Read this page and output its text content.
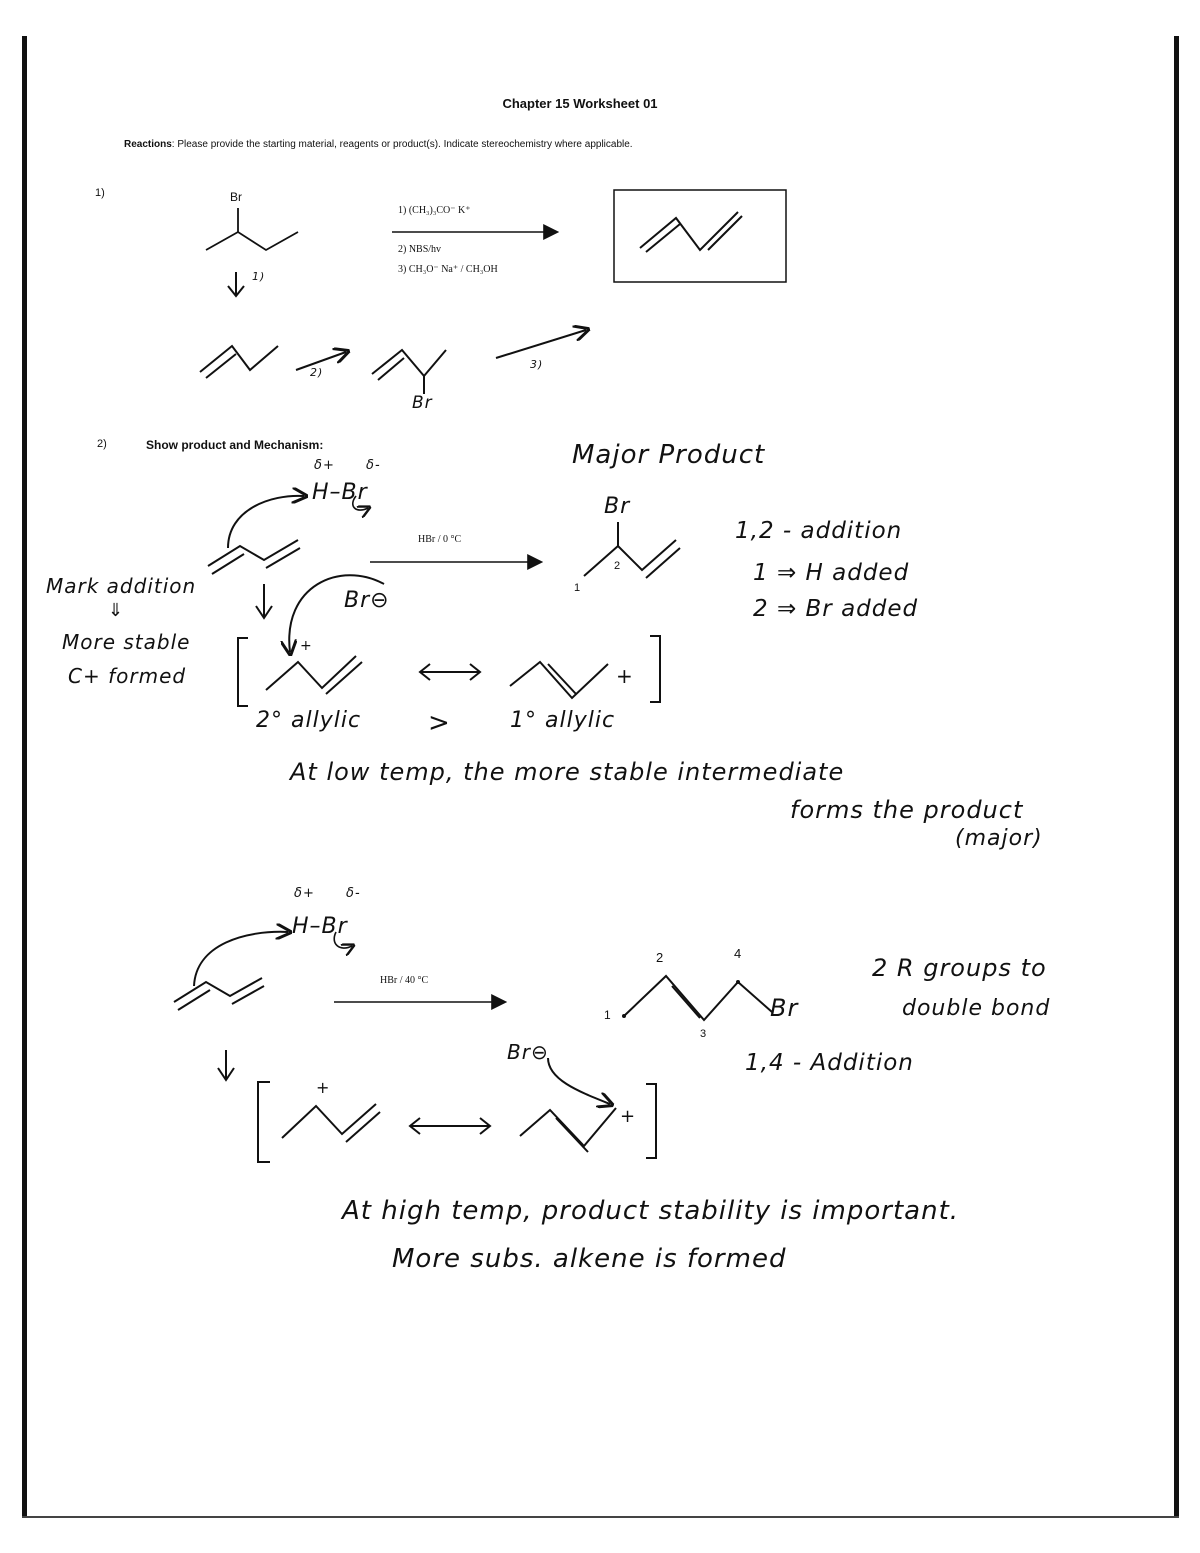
Chapter 15 Worksheet 01
Reactions: Please provide the starting material, reagents or product(s). Indicate stereochemistry where applicable.
1)	Br
1) (CH₃)₃CO⁻ K⁺
2) NBS/hv
3) CH₃O⁻ Na⁺ / CH₃OH
1)
2)
3)
Br
2)	Show product and Mechanism:	Major Product
δ+ δ-
H–Br
HBr / 0 °C
Br
1
2
1,2 - addition
1 ⇒ H added
2 ⇒ Br added
Mark addition
⇓
More stable
C+ formed
Br⊖
+
+
2° allylic	>	1° allylic
At low temp, the more stable intermediate
forms the product
(major)
δ+ δ-
H–Br
HBr / 40 °C
2	4
1
3
Br
2 R groups to
double bond
1,4 - Addition
Br⊖
+
+
At high temp, product stability is important.
More subs. alkene is formed
